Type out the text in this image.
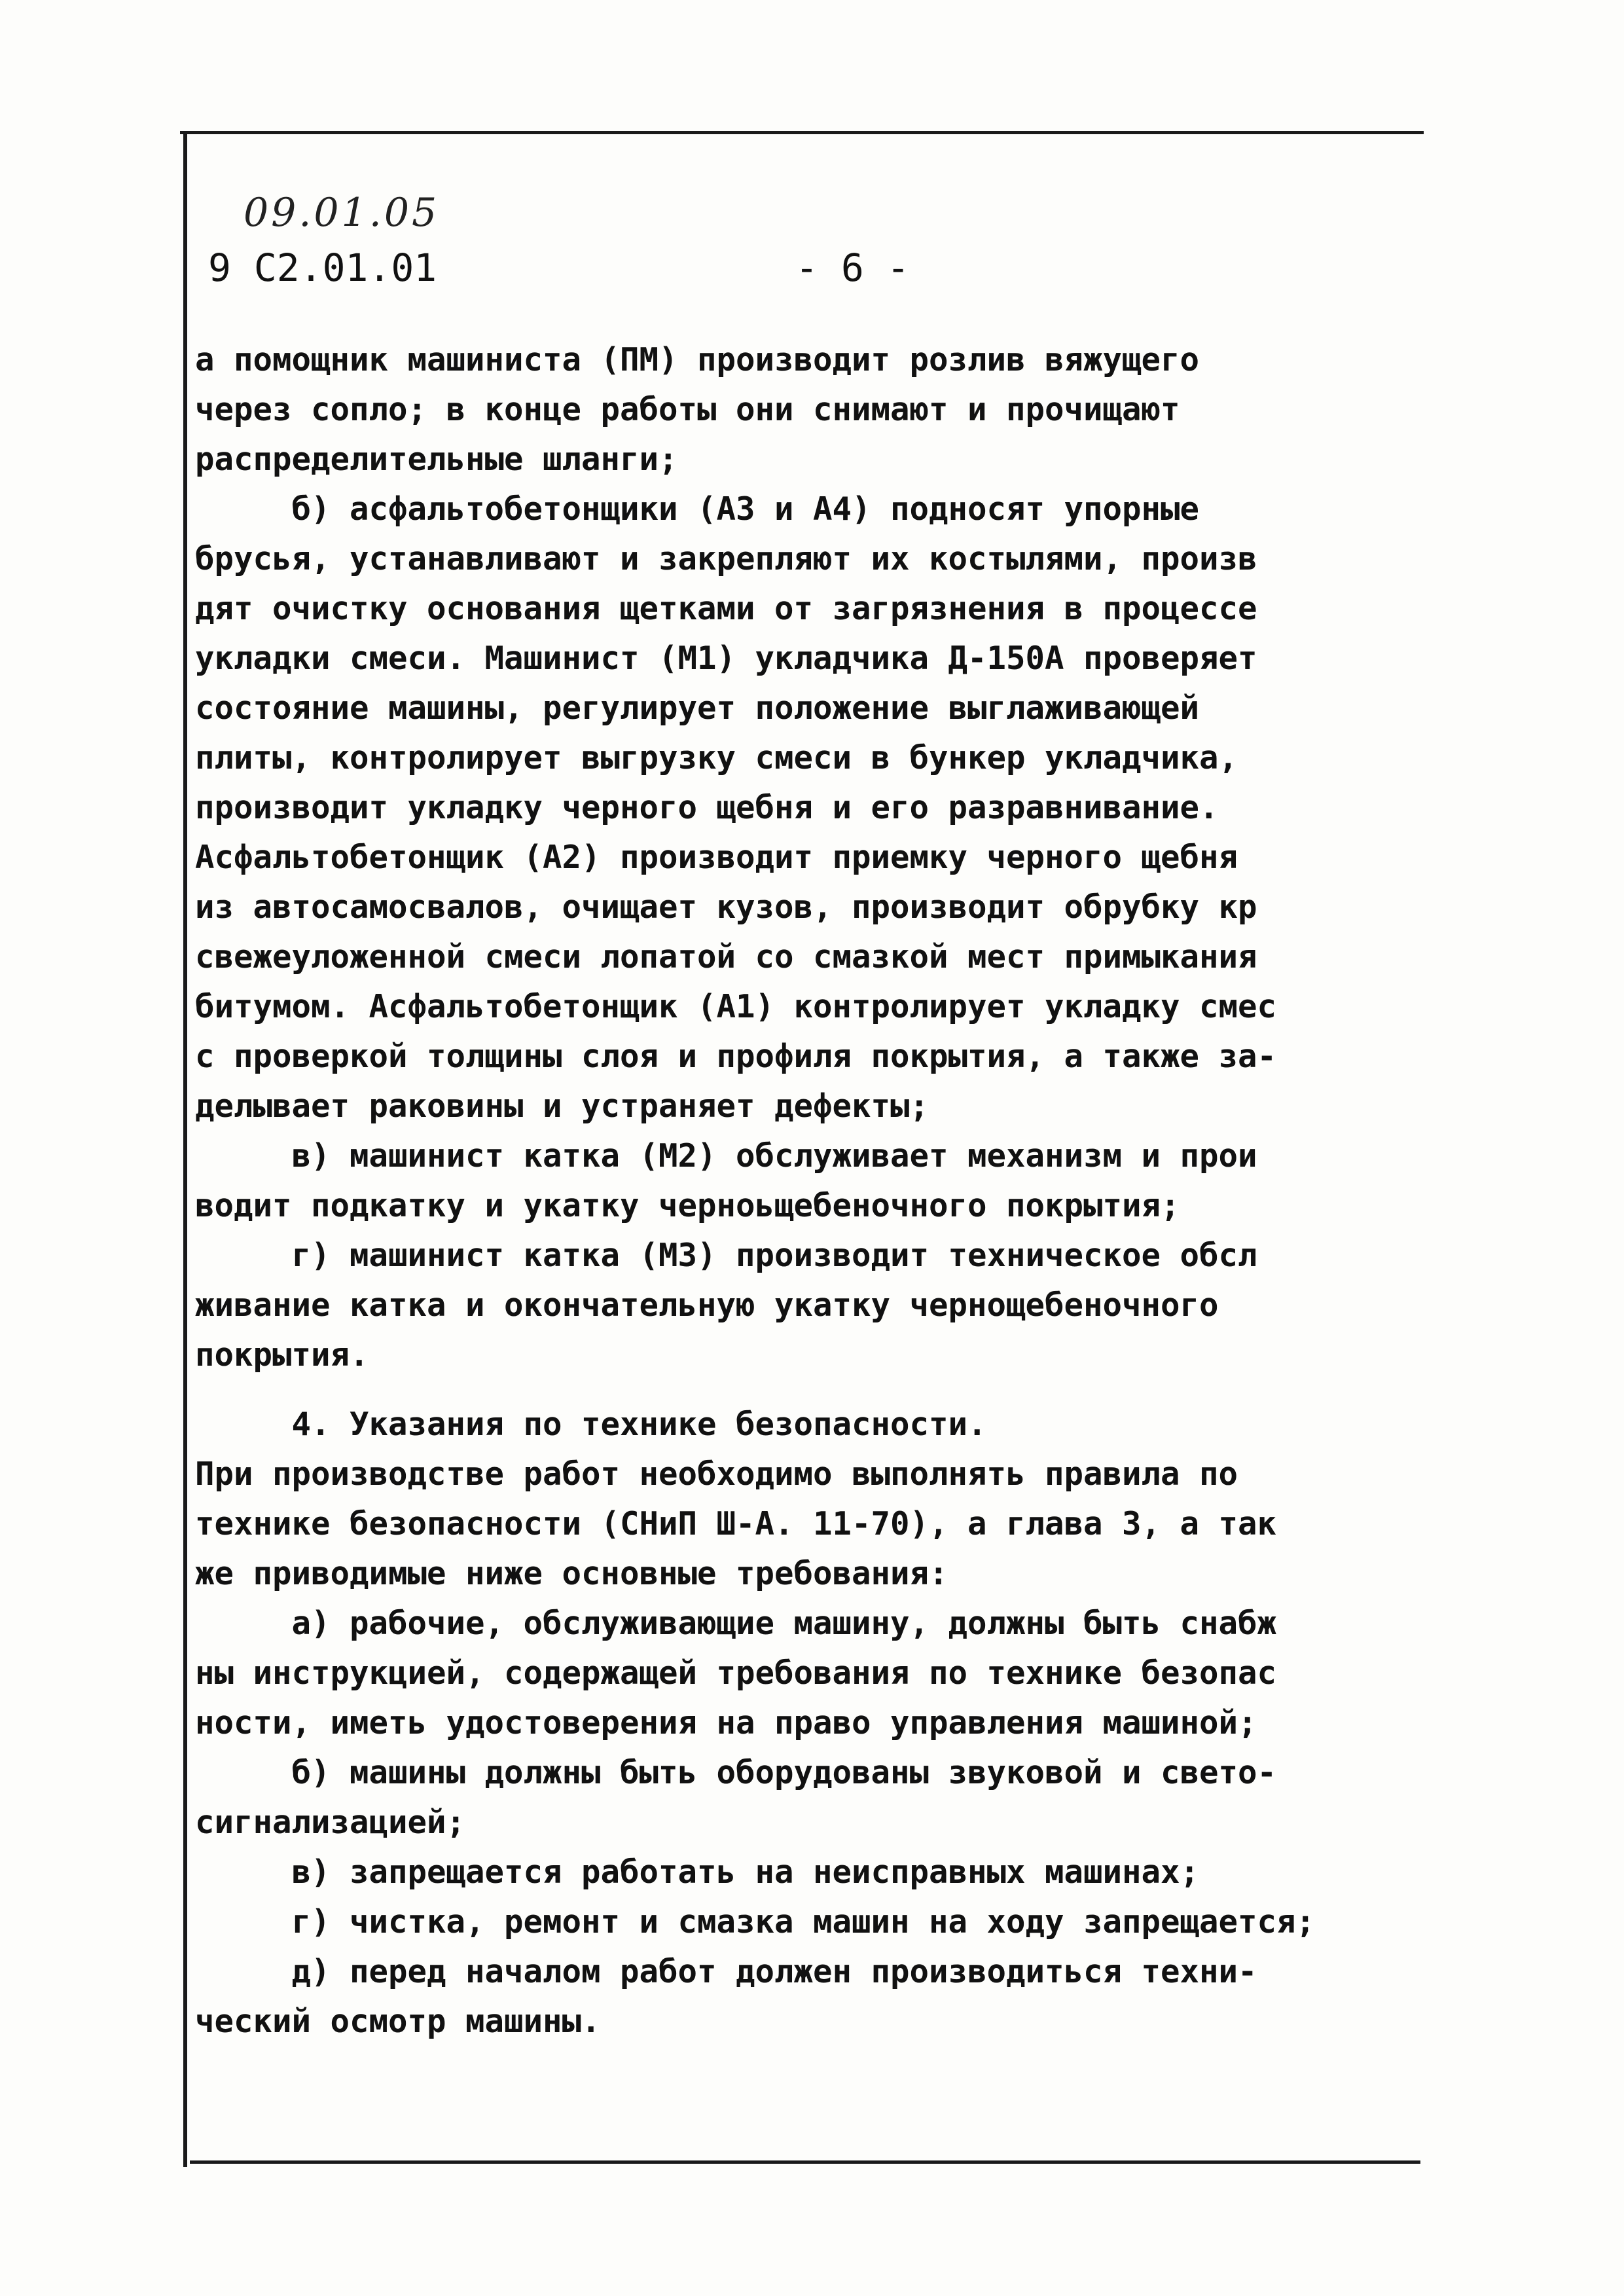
09.01.05
9 С2.01.01	- 6 -
а помощник машиниста (ПМ) производит розлив вяжущего
через сопло; в конце работы они снимают и прочищают
распределительные шланги;
б) асфальтобетонщики (А3 и А4) подносят упорные
брусья, устанавливают и закрепляют их костылями, произв
дят очистку основания щетками от загрязнения в процессе
укладки смеси. Машинист (М1) укладчика Д-150А проверяет
состояние машины, регулирует положение выглаживающей
плиты, контролирует выгрузку смеси в бункер укладчика,
производит укладку черного щебня и его разравнивание.
Асфальтобетонщик (А2) производит приемку черного щебня
из автосамосвалов, очищает кузов, производит обрубку кр
свежеуложенной смеси лопатой со смазкой мест примыкания
битумом. Асфальтобетонщик (А1) контролирует укладку смес
с проверкой толщины слоя и профиля покрытия, а также за-
делывает раковины и устраняет дефекты;
в) машинист катка (М2) обслуживает механизм и прои
водит подкатку и укатку черноьщебеночного покрытия;
г) машинист катка (М3) производит техническое обсл
живание катка и окончательную укатку чернощебеночного
покрытия.
4. Указания по технике безопасности.
При производстве работ необходимо выполнять правила по
технике безопасности (СНиП Ш-А. 11-70), а глава 3, а так
же приводимые ниже основные требования:
а) рабочие, обслуживающие машину, должны быть снабж
ны инструкцией, содержащей требования по технике безопас
ности, иметь удостоверения на право управления машиной;
б) машины должны быть оборудованы звуковой и свето-
сигнализацией;
в) запрещается работать на неисправных машинах;
г) чистка, ремонт и смазка машин на ходу запрещается;
д) перед началом работ должен производиться техни-
ческий осмотр машины.
